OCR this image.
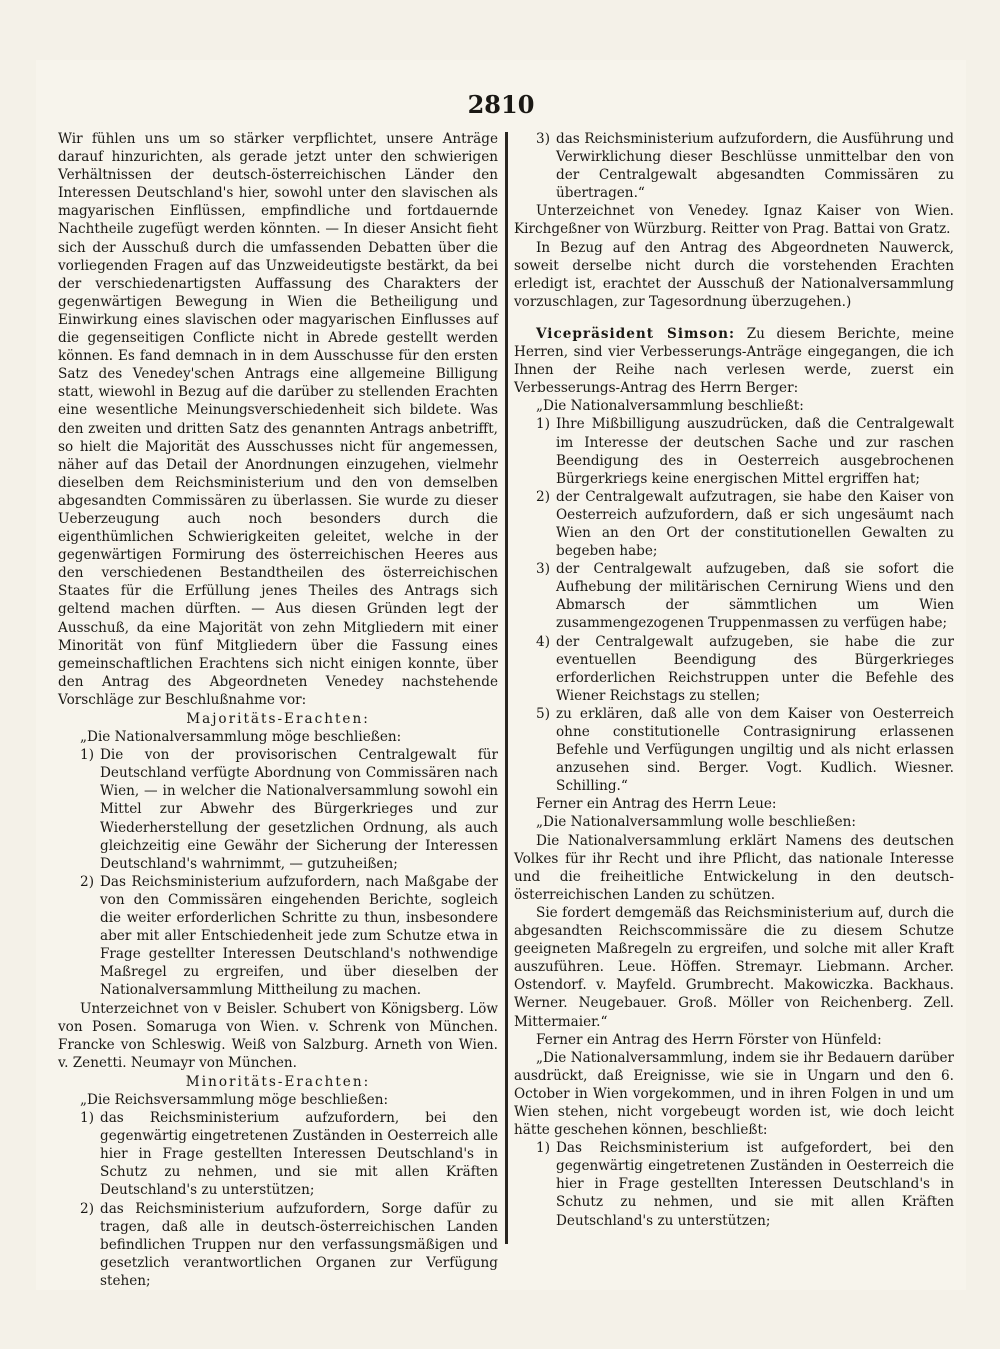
2810

Wir fühlen uns um so stärker verpflichtet, unsere Anträge darauf hinzurichten, als gerade jetzt unter den schwierigen Verhältnissen der deutsch-österreichischen Länder den Interessen Deutschland's hier, sowohl unter den slavischen als magyarischen Einflüssen, empfindliche und fortdauernde Nachtheile zugefügt werden könnten. — In dieser Ansicht fieht sich der Ausschuß durch die umfassenden Debatten über die vorliegenden Fragen auf das Unzweideutigste bestärkt, da bei der verschiedenartigsten Auffassung des Charakters der gegenwärtigen Bewegung in Wien die Betheiligung und Einwirkung eines slavischen oder magyarischen Einflusses auf die gegenseitigen Conflicte nicht in Abrede gestellt werden können. Es fand demnach in in dem Ausschusse für den ersten Satz des Venedey'schen Antrags eine allgemeine Billigung statt, wiewohl in Bezug auf die darüber zu stellenden Erachten eine wesentliche Meinungsverschiedenheit sich bildete. Was den zweiten und dritten Satz des genannten Antrags anbetrifft, so hielt die Majorität des Ausschusses nicht für angemessen, näher auf das Detail der Anordnungen einzugehen, vielmehr dieselben dem Reichsministerium und den von demselben abgesandten Commissären zu überlassen. Sie wurde zu dieser Ueberzeugung auch noch besonders durch die eigenthümlichen Schwierigkeiten geleitet, welche in der gegenwärtigen Formirung des österreichischen Heeres aus den verschiedenen Bestandtheilen des österreichischen Staates für die Erfüllung jenes Theiles des Antrags sich geltend machen dürften. — Aus diesen Gründen legt der Ausschuß, da eine Majorität von zehn Mitgliedern mit einer Minorität von fünf Mitgliedern über die Fassung eines gemeinschaftlichen Erachtens sich nicht einigen konnte, über den Antrag des Abgeordneten Venedey nachstehende Vorschläge zur Beschlußnahme vor:

Majoritäts-Erachten:

„Die Nationalversammlung möge beschließen:

1) Die von der provisorischen Centralgewalt für Deutschland verfügte Abordnung von Commissären nach Wien, — in welcher die Nationalversammlung sowohl ein Mittel zur Abwehr des Bürgerkrieges und zur Wiederherstellung der gesetzlichen Ordnung, als auch gleichzeitig eine Gewähr der Sicherung der Interessen Deutschland's wahrnimmt, — gutzuheißen;
2) Das Reichsministerium aufzufordern, nach Maßgabe der von den Commissären eingehenden Berichte, sogleich die weiter erforderlichen Schritte zu thun, insbesondere aber mit aller Entschiedenheit jede zum Schutze etwa in Frage gestellter Interessen Deutschland's nothwendige Maßregel zu ergreifen, und über dieselben der Nationalversammlung Mittheilung zu machen.

Unterzeichnet von v Beisler. Schubert von Königsberg. Löw von Posen. Somaruga von Wien. v. Schrenk von München. Francke von Schleswig. Weiß von Salzburg. Arneth von Wien. v. Zenetti. Neumayr von München.

Minoritäts-Erachten:

„Die Reichsversammlung möge beschließen:

1) das Reichsministerium aufzufordern, bei den gegenwärtig eingetretenen Zuständen in Oesterreich alle hier in Frage gestellten Interessen Deutschland's in Schutz zu nehmen, und sie mit allen Kräften Deutschland's zu unterstützen;
2) das Reichsministerium aufzufordern, Sorge dafür zu tragen, daß alle in deutsch-österreichischen Landen befindlichen Truppen nur den verfassungsmäßigen und gesetzlich verantwortlichen Organen zur Verfügung stehen;
3) das Reichsministerium aufzufordern, die Ausführung und Verwirklichung dieser Beschlüsse unmittelbar den von der Centralgewalt abgesandten Commissären zu übertragen.“

Unterzeichnet von Venedey. Ignaz Kaiser von Wien. Kirchgeßner von Würzburg. Reitter von Prag. Battai von Gratz.

In Bezug auf den Antrag des Abgeordneten Nauwerck, soweit derselbe nicht durch die vorstehenden Erachten erledigt ist, erachtet der Ausschuß der Nationalversammlung vorzuschlagen, zur Tagesordnung überzugehen.)

Vicepräsident Simson: Zu diesem Berichte, meine Herren, sind vier Verbesserungs-Anträge eingegangen, die ich Ihnen der Reihe nach verlesen werde, zuerst ein Verbesserungs-Antrag des Herrn Berger:

„Die Nationalversammlung beschließt:

1) Ihre Mißbilligung auszudrücken, daß die Centralgewalt im Interesse der deutschen Sache und zur raschen Beendigung des in Oesterreich ausgebrochenen Bürgerkriegs keine energischen Mittel ergriffen hat;
2) der Centralgewalt aufzutragen, sie habe den Kaiser von Oesterreich aufzufordern, daß er sich ungesäumt nach Wien an den Ort der constitutionellen Gewalten zu begeben habe;
3) der Centralgewalt aufzugeben, daß sie sofort die Aufhebung der militärischen Cernirung Wiens und den Abmarsch der sämmtlichen um Wien zusammengezogenen Truppenmassen zu verfügen habe;
4) der Centralgewalt aufzugeben, sie habe die zur eventuellen Beendigung des Bürgerkrieges erforderlichen Reichstruppen unter die Befehle des Wiener Reichstags zu stellen;
5) zu erklären, daß alle von dem Kaiser von Oesterreich ohne constitutionelle Contrasignirung erlassenen Befehle und Verfügungen ungiltig und als nicht erlassen anzusehen sind. Berger. Vogt. Kudlich. Wiesner. Schilling.“

Ferner ein Antrag des Herrn Leue:

„Die Nationalversammlung wolle beschließen:

Die Nationalversammlung erklärt Namens des deutschen Volkes für ihr Recht und ihre Pflicht, das nationale Interesse und die freiheitliche Entwickelung in den deutsch-österreichischen Landen zu schützen.

Sie fordert demgemäß das Reichsministerium auf, durch die abgesandten Reichscommissäre die zu diesem Schutze geeigneten Maßregeln zu ergreifen, und solche mit aller Kraft auszuführen. Leue. Höffen. Stremayr. Liebmann. Archer. Ostendorf. v. Mayfeld. Grumbrecht. Makowiczka. Backhaus. Werner. Neugebauer. Groß. Möller von Reichenberg. Zell. Mittermaier.“

Ferner ein Antrag des Herrn Förster von Hünfeld:

„Die Nationalversammlung, indem sie ihr Bedauern darüber ausdrückt, daß Ereignisse, wie sie in Ungarn und den 6. October in Wien vorgekommen, und in ihren Folgen in und um Wien stehen, nicht vorgebeugt worden ist, wie doch leicht hätte geschehen können, beschließt:

1) Das Reichsministerium ist aufgefordert, bei den gegenwärtig eingetretenen Zuständen in Oesterreich die hier in Frage gestellten Interessen Deutschland's in Schutz zu nehmen, und sie mit allen Kräften Deutschland's zu unterstützen;
